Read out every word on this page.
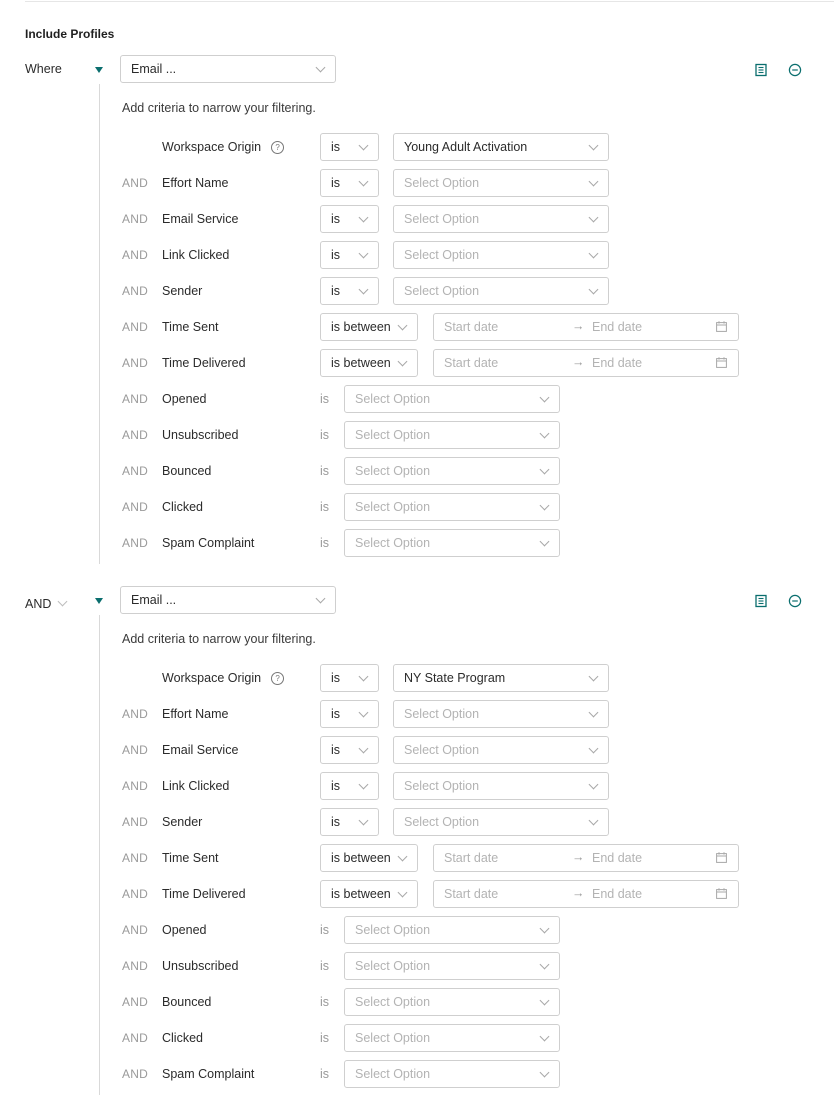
Include Profiles
Where	Email ...
Add criteria to narrow your filtering.
Workspace Origin ?	is	Young Adult Activation
AND Effort Name	is	Select Option
AND Email Service	is	Select Option
AND Link Clicked	is	Select Option
AND Sender	is	Select Option
AND Time Sent	is between	Start date	→ End date
AND Time Delivered	is between	Start date	→ End date
AND Opened	is	Select Option
AND Unsubscribed	is	Select Option
AND Bounced	is	Select Option
AND Clicked	is	Select Option
AND Spam Complaint	is	Select Option
AND	Email ...
Add criteria to narrow your filtering.
Workspace Origin ?	is	NY State Program
AND Effort Name	is	Select Option
AND Email Service	is	Select Option
AND Link Clicked	is	Select Option
AND Sender	is	Select Option
AND Time Sent	is between	Start date	→ End date
AND Time Delivered	is between	Start date	→ End date
AND Opened	is	Select Option
AND Unsubscribed	is	Select Option
AND Bounced	is	Select Option
AND Clicked	is	Select Option
AND Spam Complaint	is	Select Option
